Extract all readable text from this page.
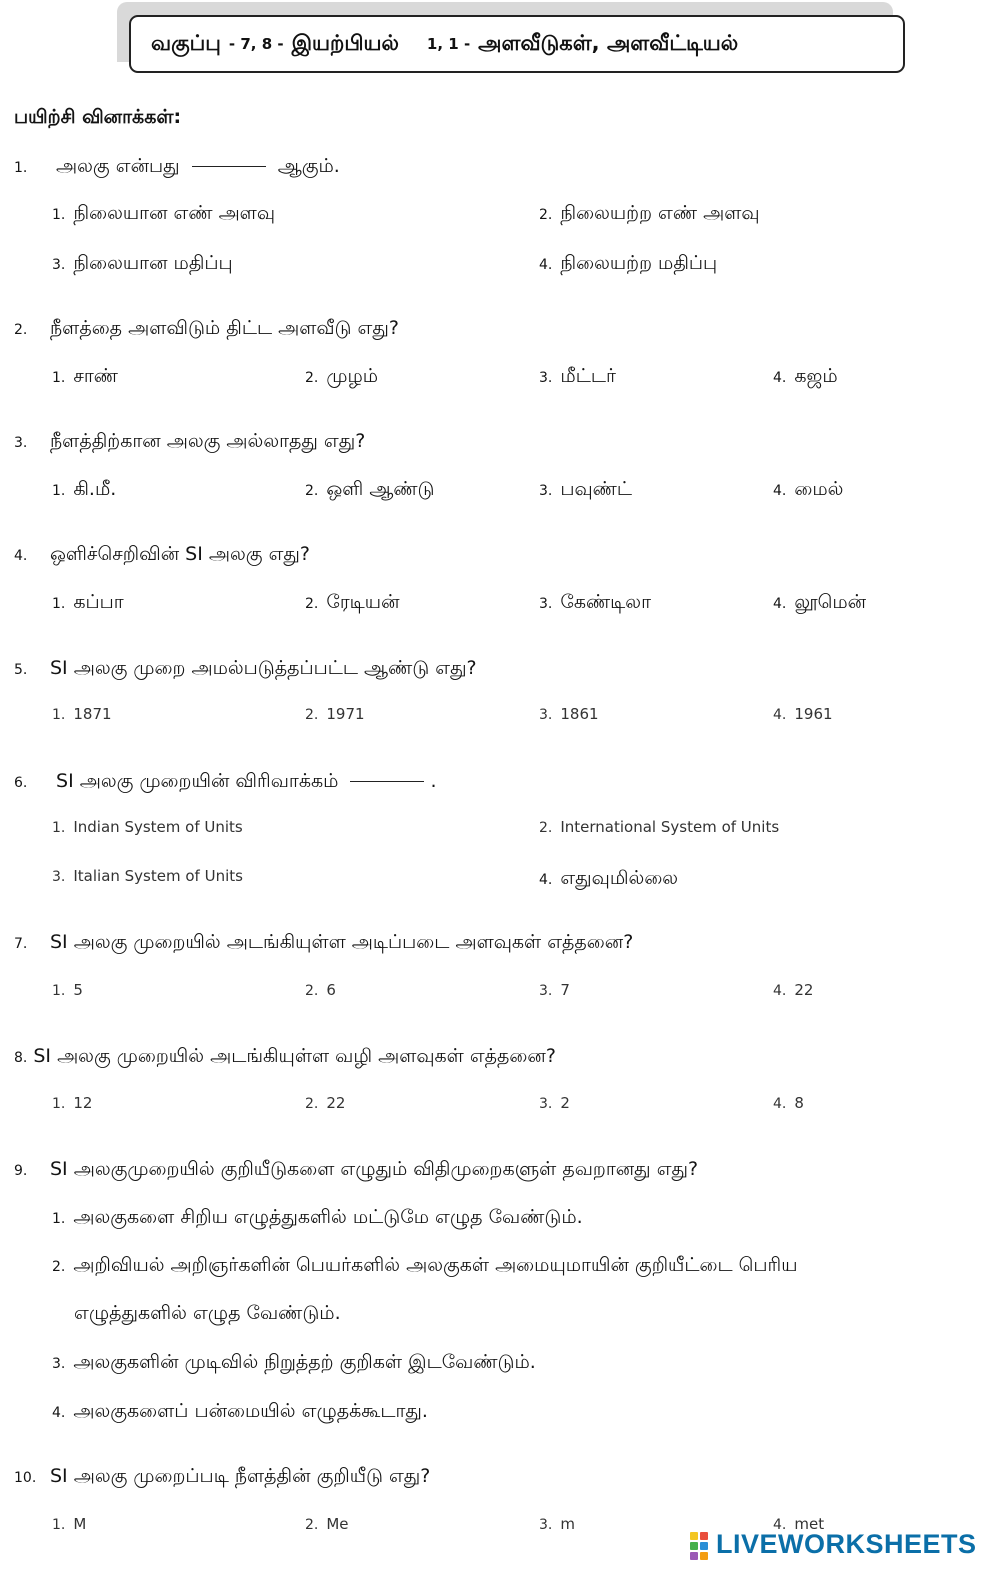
வகுப்பு - 7, 8 - இயற்பியல் 1, 1 - அளவீடுகள், அளவீட்டியல்
பயிற்சி வினாக்கள்:
1. அலகு என்பது	ஆகும்.
1. நிலையான எண் அளவு	2. நிலையற்ற எண் அளவு
3. நிலையான மதிப்பு	4. நிலையற்ற மதிப்பு
2. நீளத்தை அளவிடும் திட்ட அளவீடு எது?
1. சாண்	2. முழம்	3. மீட்டர்	4. கஜம்
3. நீளத்திற்கான அலகு அல்லாதது எது?
1. கி.மீ.	2. ஒளி ஆண்டு	3. பவுண்ட்	4. மைல்
4. ஒளிச்செறிவின் SI அலகு எது?
1. கப்பா	2. ரேடியன்	3. கேண்டிலா	4. லூமென்
5. SI அலகு முறை அமல்படுத்தப்பட்ட ஆண்டு எது?
1. 1871	2. 1971	3. 1861	4. 1961
6. SI அலகு முறையின் விரிவாக்கம்	.
1. Indian System of Units	2. International System of Units
3. Italian System of Units	4. எதுவுமில்லை
7. SI அலகு முறையில் அடங்கியுள்ள அடிப்படை அளவுகள் எத்தனை?
1. 5	2. 6	3. 7	4. 22
8. SI அலகு முறையில் அடங்கியுள்ள வழி அளவுகள் எத்தனை?
1. 12	2. 22	3. 2	4. 8
9. SI அலகுமுறையில் குறியீடுகளை எழுதும் விதிமுறைகளுள் தவறானது எது?
1. அலகுகளை சிறிய எழுத்துகளில் மட்டுமே எழுத வேண்டும்.
2. அறிவியல் அறிஞர்களின் பெயர்களில் அலகுகள் அமையுமாயின் குறியீட்டை பெரிய
எழுத்துகளில் எழுத வேண்டும்.
3. அலகுகளின் முடிவில் நிறுத்தற் குறிகள் இடவேண்டும்.
4. அலகுகளைப் பன்மையில் எழுதக்கூடாது.
10. SI அலகு முறைப்படி நீளத்தின் குறியீடு எது?
1. M	2. Me	3. m	4. met
LIVEWORKSHEETS
